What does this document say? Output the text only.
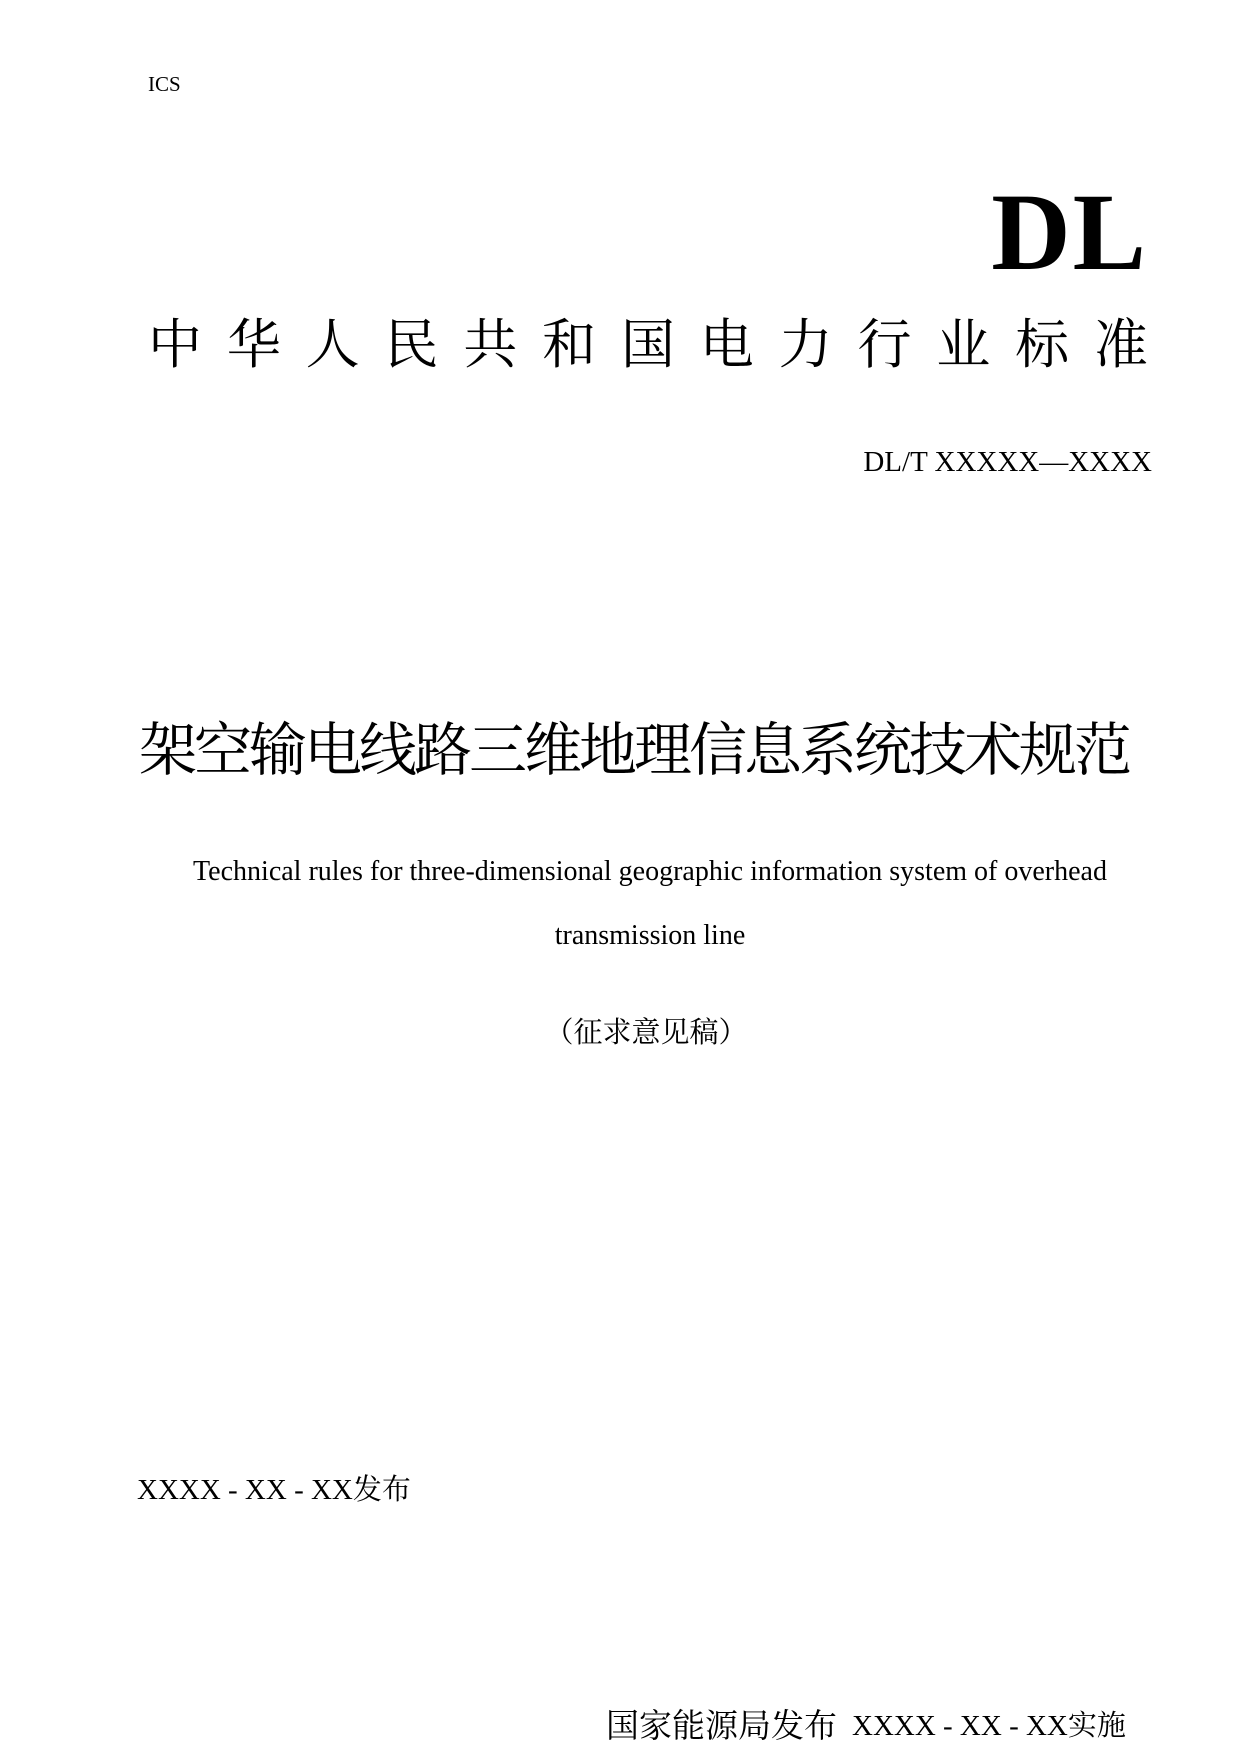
ICS
DL
中 华 人 民 共 和 国 电 力 行 业 标 准
DL/T XXXXX—XXXX
架空输电线路三维地理信息系统技术规范
Technical rules for three-dimensional geographic information system of overhead transmission line
（征求意见稿）
XXXX - XX - XX发布
国家能源局发布 XXXX - XX - XX实施
